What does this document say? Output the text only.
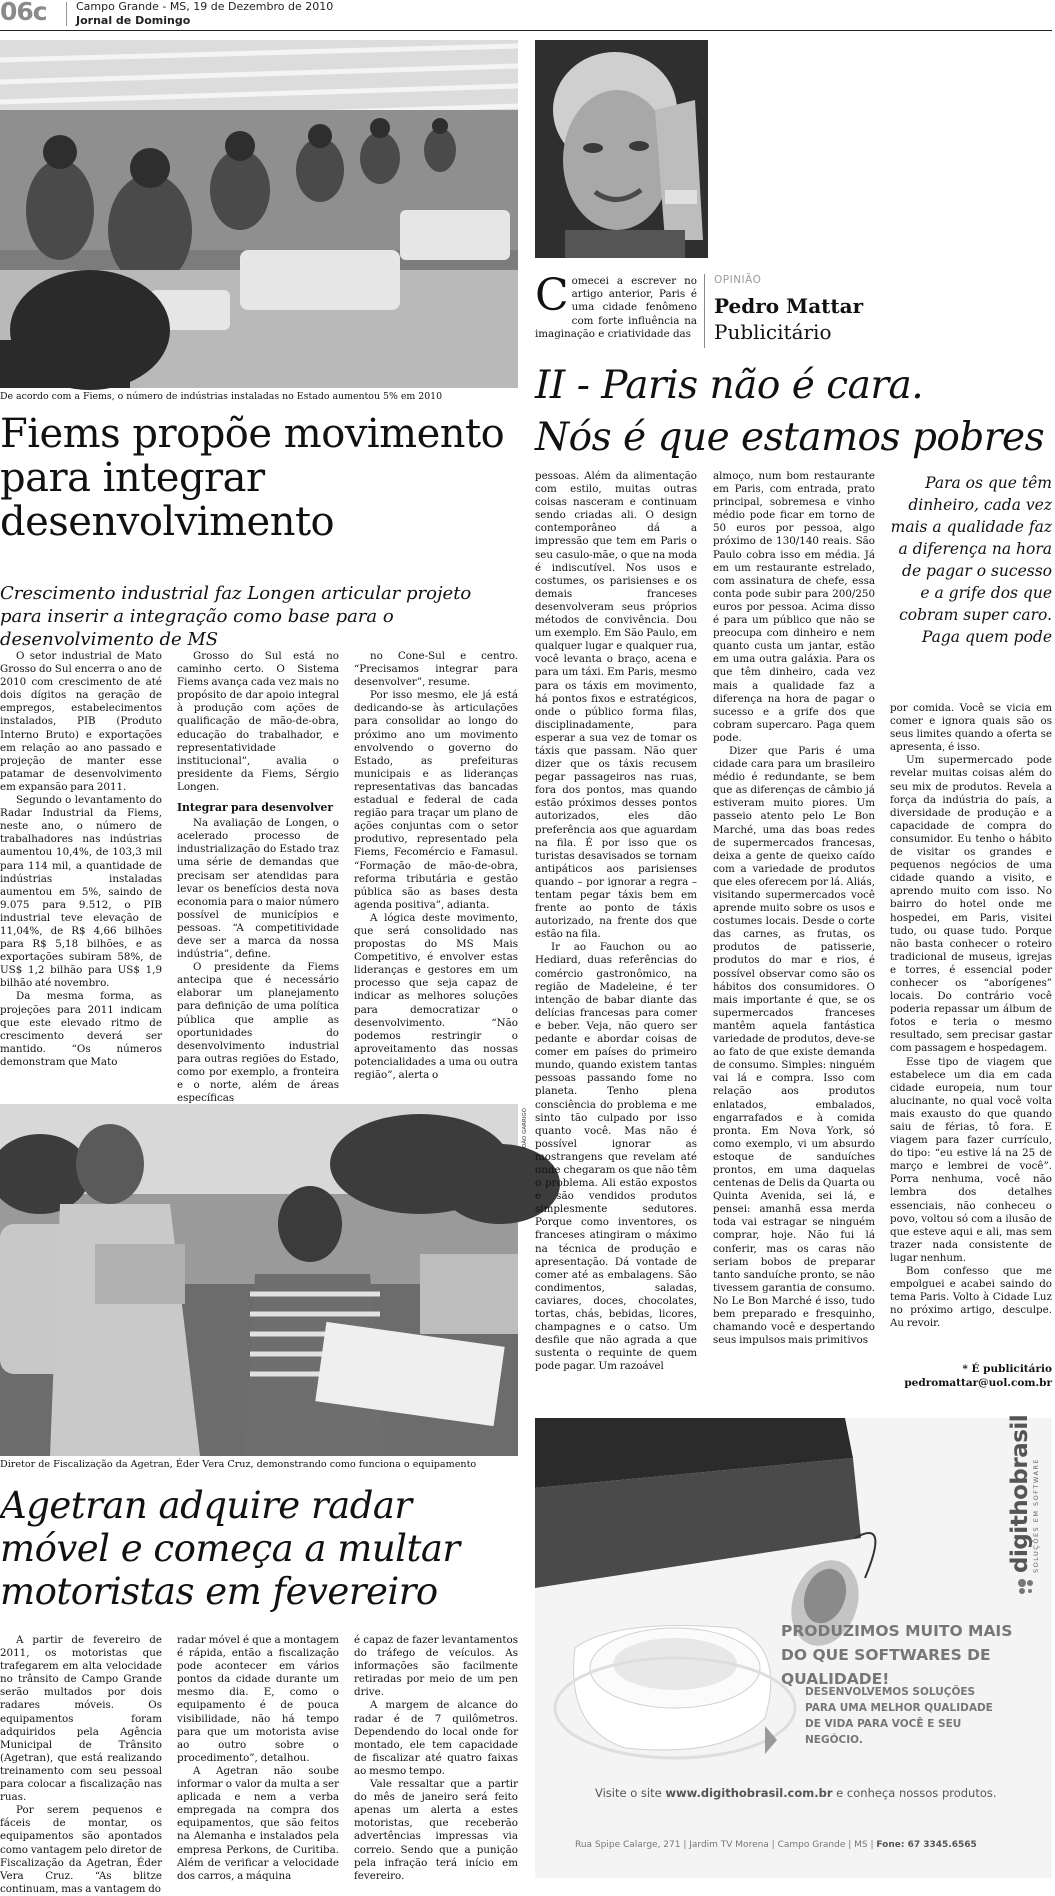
06c	Campo Grande - MS, 19 de Dezembro de 2010
Jornal de Domingo
De acordo com a Fiems, o número de indústrias instaladas no Estado aumentou 5% em 2010
Fiems propõe movimento para integrar desenvolvimento
Crescimento industrial faz Longen articular projeto para inserir a integração como base para o desenvolvimento de MS

O setor industrial de Mato Grosso do Sul encerra o ano de 2010 com crescimento de até dois dígitos na geração de empregos, estabelecimentos instalados, PIB (Produto Interno Bruto) e exportações em relação ao ano passado e projeção de manter esse patamar de desenvolvimento em expansão para 2011.

Segundo o levantamento do Radar Industrial da Fiems, neste ano, o número de trabalhadores nas indústrias aumentou 10,4%, de 103,3 mil para 114 mil, a quantidade de indústrias instaladas aumentou em 5%, saindo de 9.075 para 9.512, o PIB industrial teve elevação de 11,04%, de R$ 4,66 bilhões para R$ 5,18 bilhões, e as exportações subiram 58%, de US$ 1,2 bilhão para US$ 1,9 bilhão até novembro.

Da mesma forma, as projeções para 2011 indicam que este elevado ritmo de crescimento deverá ser mantido. “Os números demonstram que Mato

Grosso do Sul está no caminho certo. O Sistema Fiems avança cada vez mais no propósito de dar apoio integral à produção com ações de qualificação de mão-de-obra, educação do trabalhador, e representatividade institucional”, avalia o presidente da Fiems, Sérgio Longen.

Integrar para desenvolver

Na avaliação de Longen, o acelerado processo de industrialização do Estado traz uma série de demandas que precisam ser atendidas para levar os benefícios desta nova economia para o maior número possível de municípios e pessoas. “A competitividade deve ser a marca da nossa indústria”, define.

O presidente da Fiems antecipa que é necessário elaborar um planejamento para definição de uma política pública que amplie as oportunidades do desenvolvimento industrial para outras regiões do Estado, como por exemplo, a fronteira e o norte, além de áreas específicas

no Cone-Sul e centro. “Precisamos integrar para desenvolver”, resume.

Por isso mesmo, ele já está dedicando-se às articulações para consolidar ao longo do próximo ano um movimento envolvendo o governo do Estado, as prefeituras municipais e as lideranças representativas das bancadas estadual e federal de cada região para traçar um plano de ações conjuntas com o setor produtivo, representado pela Fiems, Fecomércio e Famasul. “Formação de mão-de-obra, reforma tributária e gestão pública são as bases desta agenda positiva”, adianta.

A lógica deste movimento, que será consolidado nas propostas do MS Mais Competitivo, é envolver estas lideranças e gestores em um processo que seja capaz de indicar as melhores soluções para democratizar o desenvolvimento. “Não podemos restringir o aproveitamento das nossas potencialidades a uma ou outra região”, alerta o

JOÃO GARRIGÓ
Diretor de Fiscalização da Agetran, Éder Vera Cruz, demonstrando como funciona o equipamento
Agetran adquire radar móvel e começa a multar motoristas em fevereiro

A partir de fevereiro de 2011, os motoristas que trafegarem em alta velocidade no trânsito de Campo Grande serão multados por dois radares móveis. Os equipamentos foram adquiridos pela Agência Municipal de Trânsito (Agetran), que está realizando treinamento com seu pessoal para colocar a fiscalização nas ruas.

Por serem pequenos e fáceis de montar, os equipamentos são apontados como vantagem pelo diretor de Fiscalização da Agetran, Éder Vera Cruz. “As blitze continuam, mas a vantagem do

radar móvel é que a montagem é rápida, então a fiscalização pode acontecer em vários pontos da cidade durante um mesmo dia. E, como o equipamento é de pouca visibilidade, não há tempo para que um motorista avise ao outro sobre o procedimento”, detalhou.

A Agetran não soube informar o valor da multa a ser aplicada e nem a verba empregada na compra dos equipamentos, que são feitos na Alemanha e instalados pela empresa Perkons, de Curitiba. Além de verificar a velocidade dos carros, a máquina

é capaz de fazer levantamentos do tráfego de veículos. As informações são facilmente retiradas por meio de um pen drive.

A margem de alcance do radar é de 7 quilômetros. Dependendo do local onde for montado, ele tem capacidade de fiscalizar até quatro faixas ao mesmo tempo.

Vale ressaltar que a partir do mês de janeiro será feito apenas um alerta a estes motoristas, que receberão advertências impressas via correio. Sendo que a punição pela infração terá início em fevereiro.

C omecei a escrever no artigo anterior, Paris é uma cidade fenômeno com forte influência na imaginação e criatividade das
OPINIÃO
Pedro Mattar
Publicitário
II - Paris não é cara.
Nós é que estamos pobres

pessoas. Além da alimentação com estilo, muitas outras coisas nasceram e continuam sendo criadas ali. O design contemporâneo dá a impressão que tem em Paris o seu casulo-mãe, o que na moda é indiscutível. Nos usos e costumes, os parisienses e os demais franceses desenvolveram seus próprios métodos de convivência. Dou um exemplo. Em São Paulo, em qualquer lugar e qualquer rua, você levanta o braço, acena e para um táxi. Em Paris, mesmo para os táxis em movimento, há pontos fixos e estratégicos, onde o público forma filas, disciplinadamente, para esperar a sua vez de tomar os táxis que passam. Não quer dizer que os táxis recusem pegar passageiros nas ruas, fora dos pontos, mas quando estão próximos desses pontos autorizados, eles dão preferência aos que aguardam na fila. É por isso que os turistas desavisados se tornam antipáticos aos parisienses quando – por ignorar a regra – tentam pegar táxis bem em frente ao ponto de táxis autorizado, na frente dos que estão na fila.

Ir ao Fauchon ou ao Hediard, duas referências do comércio gastronômico, na região de Madeleine, é ter intenção de babar diante das delícias francesas para comer e beber. Veja, não quero ser pedante e abordar coisas de comer em países do primeiro mundo, quando existem tantas pessoas passando fome no planeta. Tenho plena consciência do problema e me sinto tão culpado por isso quanto você. Mas não é possível ignorar as mostrangens que revelam até onde chegaram os que não têm o problema. Ali estão expostos e são vendidos produtos simplesmente sedutores. Porque como inventores, os franceses atingiram o máximo na técnica de produção e apresentação. Dá vontade de comer até as embalagens. São condimentos, saladas, caviares, doces, chocolates, tortas, chás, bebidas, licores, champagnes e o catso. Um desfile que não agrada a que sustenta o requinte de quem pode pagar. Um razoável

almoço, num bom restaurante em Paris, com entrada, prato principal, sobremesa e vinho médio pode ficar em torno de 50 euros por pessoa, algo próximo de 130/140 reais. São Paulo cobra isso em média. Já em um restaurante estrelado, com assinatura de chefe, essa conta pode subir para 200/250 euros por pessoa. Acima disso é para um público que não se preocupa com dinheiro e nem quanto custa um jantar, estão em uma outra galáxia. Para os que têm dinheiro, cada vez mais a qualidade faz a diferença na hora de pagar o sucesso e a grife dos que cobram supercaro. Paga quem pode.

Dizer que Paris é uma cidade cara para um brasileiro médio é redundante, se bem que as diferenças de câmbio já estiveram muito piores. Um passeio atento pelo Le Bon Marché, uma das boas redes de supermercados francesas, deixa a gente de queixo caído com a variedade de produtos que eles oferecem por lá. Aliás, visitando supermercados você aprende muito sobre os usos e costumes locais. Desde o corte das carnes, as frutas, os produtos de patisserie, produtos do mar e rios, é possível observar como são os hábitos dos consumidores. O mais importante é que, se os supermercados franceses mantêm aquela fantástica variedade de produtos, deve-se ao fato de que existe demanda de consumo. Simples: ninguém vai lá e compra. Isso com relação aos produtos enlatados, embalados, engarrafados e à comida pronta. Em Nova York, só como exemplo, vi um absurdo estoque de sanduíches prontos, em uma daquelas centenas de Delis da Quarta ou Quinta Avenida, sei lá, e pensei: amanhã essa merda toda vai estragar se ninguém comprar, hoje. Não fui lá conferir, mas os caras não seriam bobos de preparar tanto sanduíche pronto, se não tivessem garantia de consumo. No Le Bon Marché é isso, tudo bem preparado e fresquinho, chamando você e despertando seus impulsos mais primitivos

Para os que têm dinheiro, cada vez mais a qualidade faz a diferença na hora de pagar o sucesso e a grife dos que cobram super caro. Paga quem pode

por comida. Você se vicia em comer e ignora quais são os seus limites quando a oferta se apresenta, é isso.

Um supermercado pode revelar muitas coisas além do seu mix de produtos. Revela a força da indústria do país, a diversidade de produção e a capacidade de compra do consumidor. Eu tenho o hábito de visitar os grandes e pequenos negócios de uma cidade quando a visito, e aprendo muito com isso. No bairro do hotel onde me hospedei, em Paris, visitei tudo, ou quase tudo. Porque não basta conhecer o roteiro tradicional de museus, igrejas e torres, é essencial poder conhecer os “aborígenes” locais. Do contrário você poderia repassar um álbum de fotos e teria o mesmo resultado, sem precisar gastar com passagem e hospedagem.

Esse tipo de viagem que estabelece um dia em cada cidade europeia, num tour alucinante, no qual você volta mais exausto do que quando saiu de férias, tô fora. E viagem para fazer currículo, do tipo: “eu estive lá na 25 de março e lembrei de você”. Porra nenhuma, você não lembra dos detalhes essenciais, não conheceu o povo, voltou só com a ilusão de que esteve aqui e ali, mas sem trazer nada consistente de lugar nenhum.

Bom confesso que me empolguei e acabei saindo do tema Paris. Volto à Cidade Luz no próximo artigo, desculpe. Au revoir.

* É publicitário
pedromattar@uol.com.br
digithobrasil SOLUÇÕES EM SOFTWARE
PRODUZIMOS MUITO MAIS DO QUE SOFTWARES DE QUALIDADE!
DESENVOLVEMOS SOLUÇÕES PARA UMA MELHOR QUALIDADE DE VIDA PARA VOCÊ E SEU NEGÓCIO.
Visite o site www.digithobrasil.com.br e conheça nossos produtos.
Rua Spipe Calarge, 271 | Jardim TV Morena | Campo Grande | MS | Fone: 67 3345.6565
